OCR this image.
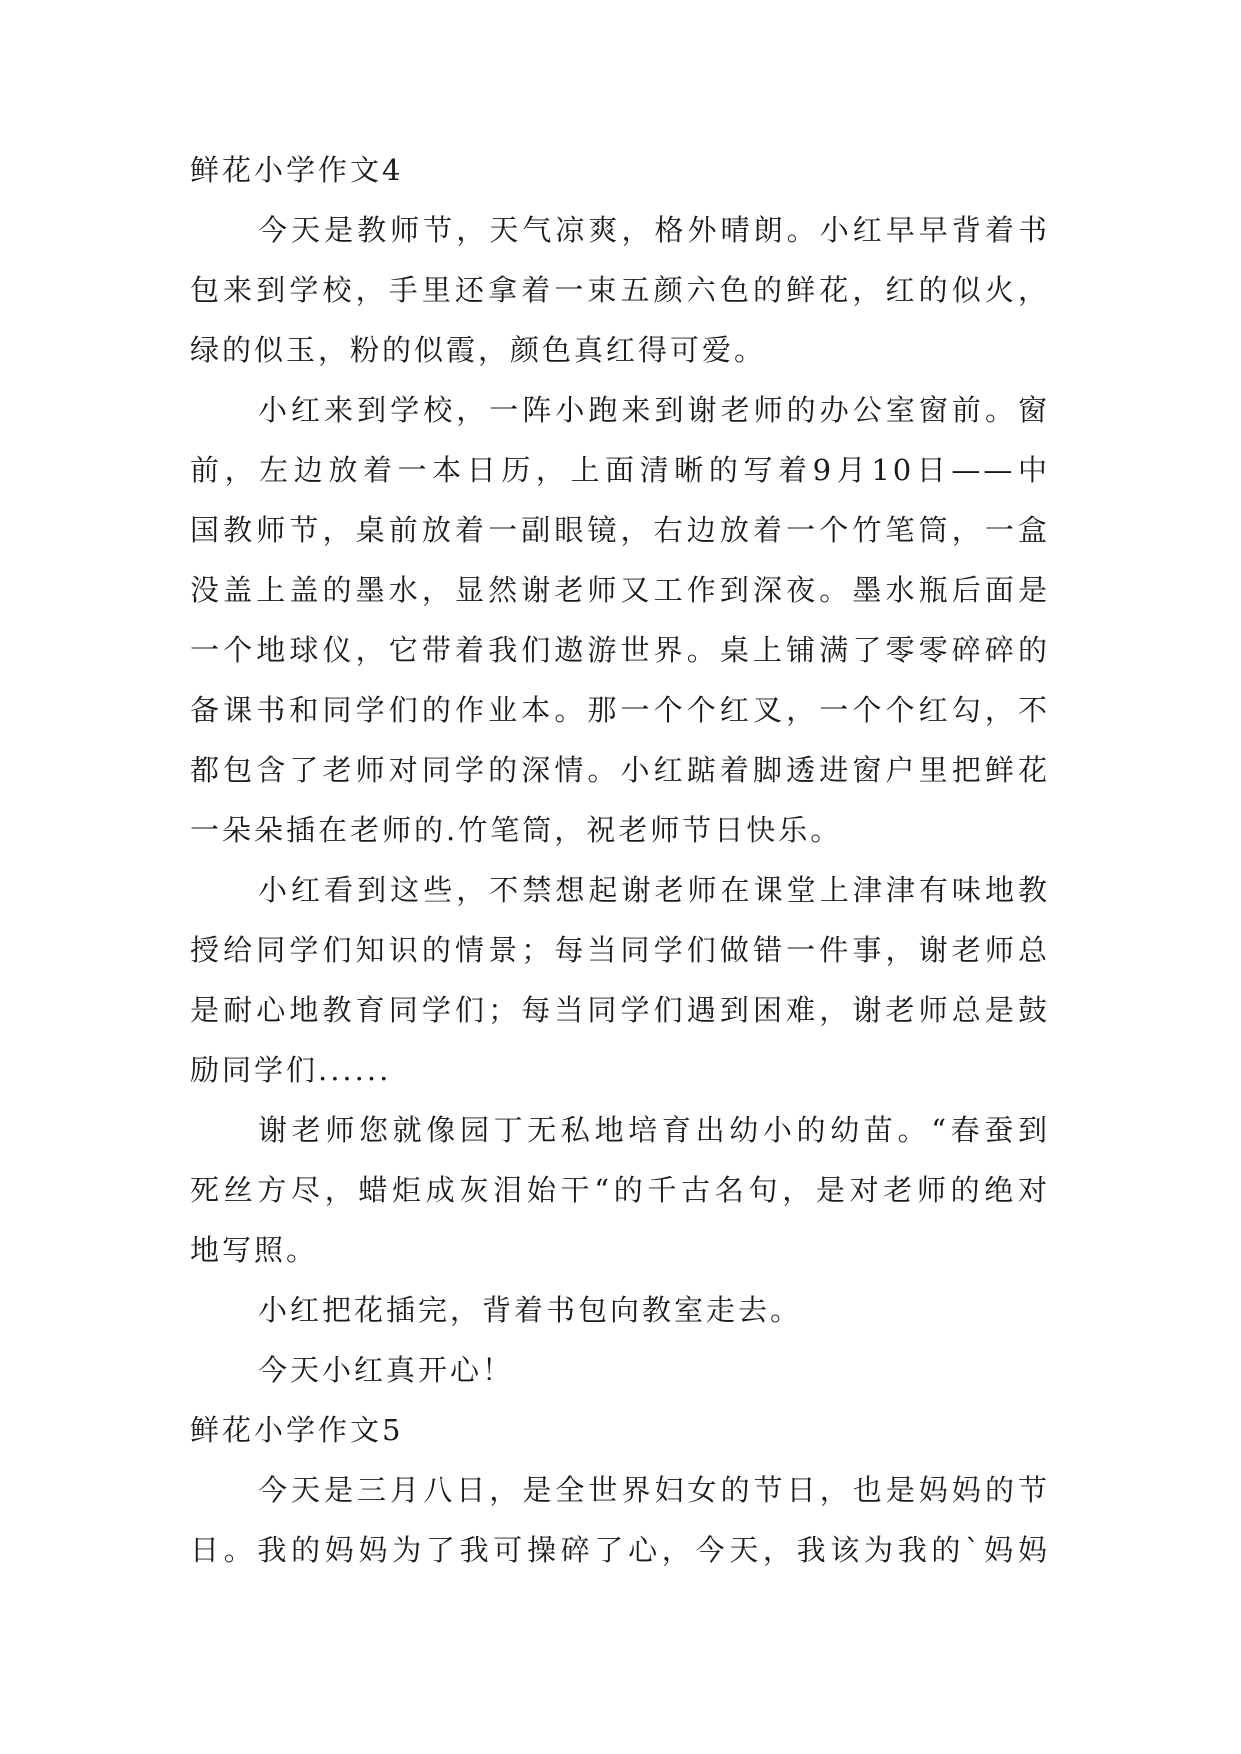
鲜花小学作文4
今天是教师节，天气凉爽，格外晴朗。小红早早背着书
包来到学校，手里还拿着一束五颜六色的鲜花，红的似火，
绿的似玉，粉的似霞，颜色真红得可爱。
小红来到学校，一阵小跑来到谢老师的办公室窗前。窗
前，左边放着一本日历，上面清晰的写着9月10日——中
国教师节，桌前放着一副眼镜，右边放着一个竹笔筒，一盒
没盖上盖的墨水，显然谢老师又工作到深夜。墨水瓶后面是
一个地球仪，它带着我们遨游世界。桌上铺满了零零碎碎的
备课书和同学们的作业本。那一个个红叉，一个个红勾，不
都包含了老师对同学的深情。小红踮着脚透进窗户里把鲜花
一朵朵插在老师的.竹笔筒，祝老师节日快乐。
小红看到这些，不禁想起谢老师在课堂上津津有味地教
授给同学们知识的情景；每当同学们做错一件事，谢老师总
是耐心地教育同学们；每当同学们遇到困难，谢老师总是鼓
励同学们......
谢老师您就像园丁无私地培育出幼小的幼苗。“春蚕到
死丝方尽，蜡炬成灰泪始干“的千古名句，是对老师的绝对
地写照。
小红把花插完，背着书包向教室走去。
今天小红真开心！
鲜花小学作文5
今天是三月八日，是全世界妇女的节日，也是妈妈的节
日。我的妈妈为了我可操碎了心，今天，我该为我的`妈妈
